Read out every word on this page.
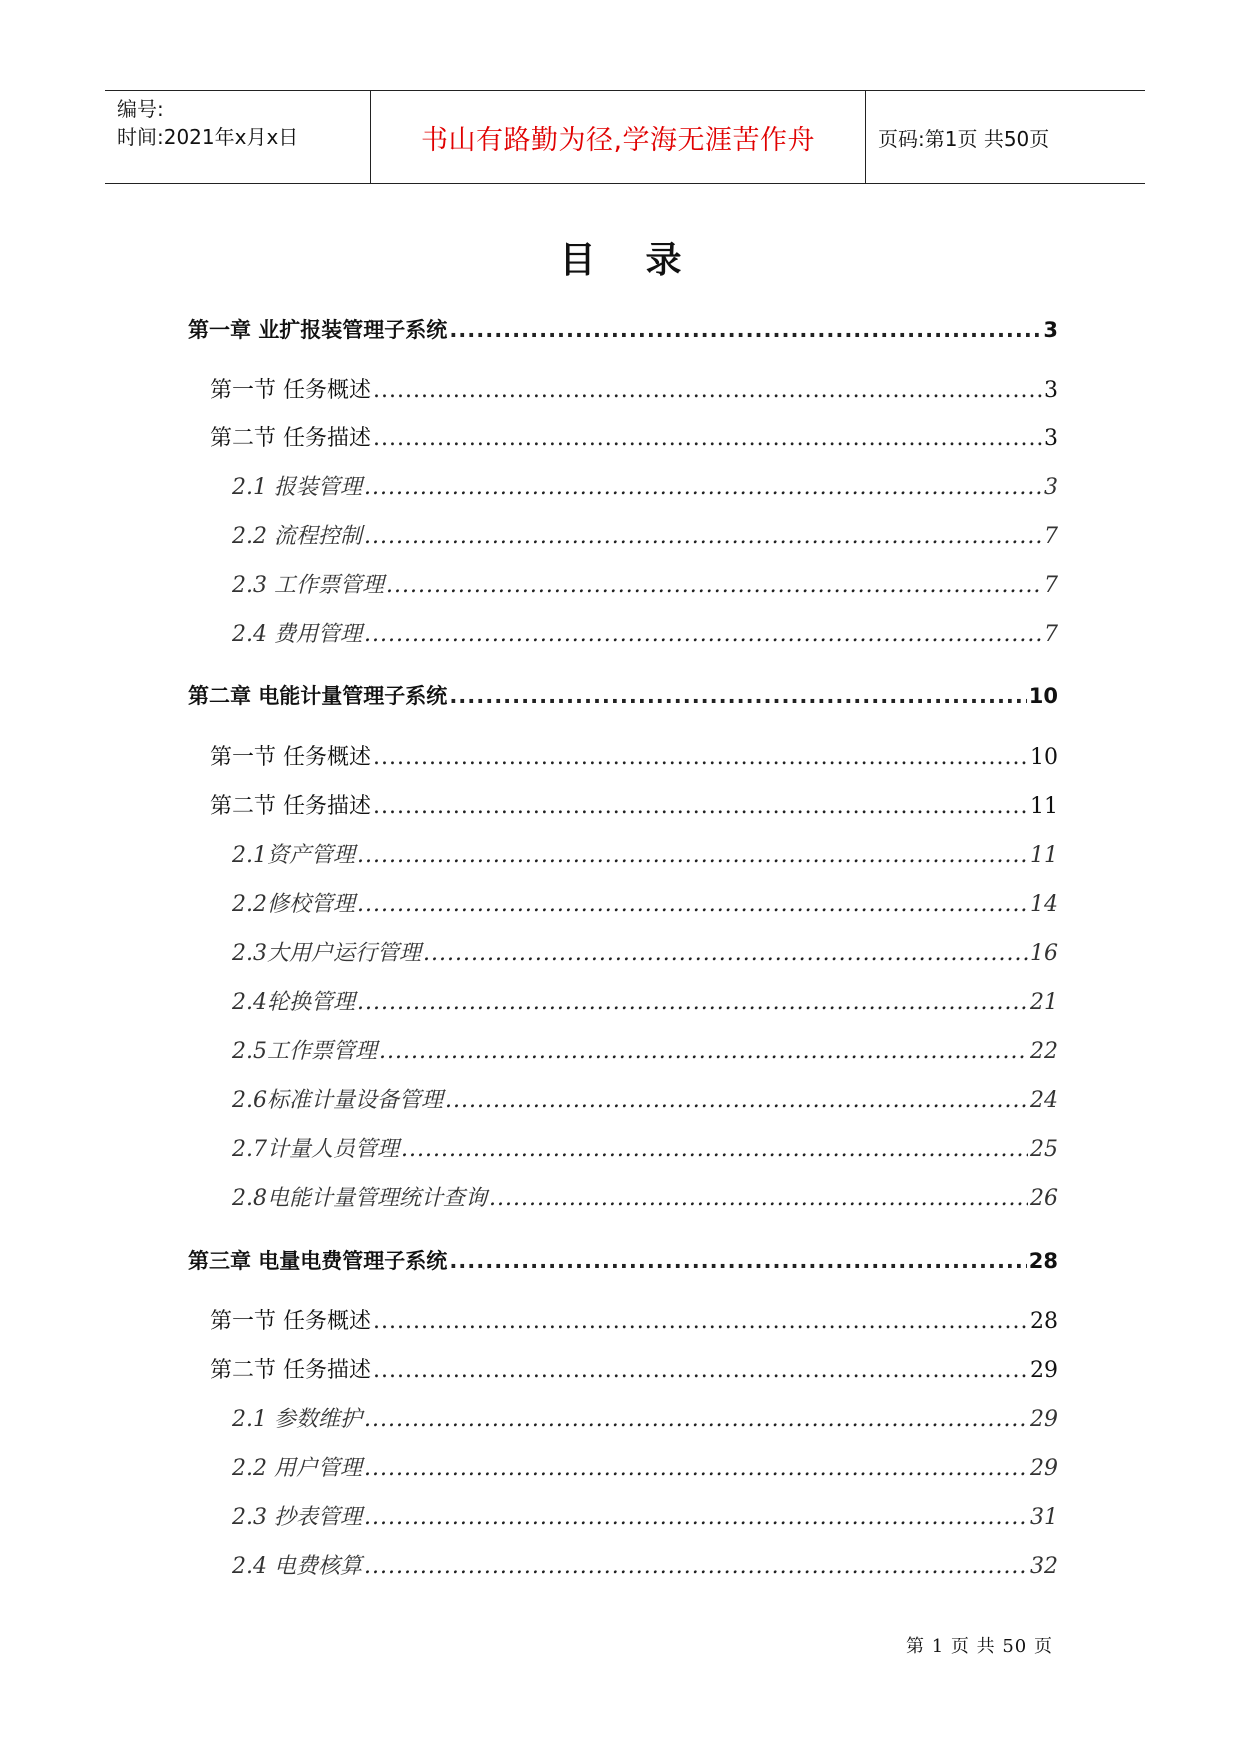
编号:
时间:2021年x月x日	书山有路勤为径,学海无涯苦作舟	页码:第1页 共50页
目录
第一章 业扩报装管理子系统 .....	3
第一节 任务概述 .....	3
第二节 任务描述 .....	3
2.1 报装管理 .....	3
2.2 流程控制 .....	7
2.3 工作票管理 .....	7
2.4 费用管理 .....	7
第二章 电能计量管理子系统 .....	10
第一节 任务概述 .....	10
第二节 任务描述 .....	11
2.1资产管理 .....	11
2.2修校管理 .....	14
2.3大用户运行管理 .....	16
2.4轮换管理 .....	21
2.5工作票管理 .....	22
2.6标准计量设备管理 .....	24
2.7计量人员管理 .....	25
2.8电能计量管理统计查询 .....	26
第三章 电量电费管理子系统 .....	28
第一节 任务概述 .....	28
第二节 任务描述 .....	29
2.1 参数维护 .....	29
2.2 用户管理 .....	29
2.3 抄表管理 .....	31
2.4 电费核算 .....	32
第 1 页 共 50 页
